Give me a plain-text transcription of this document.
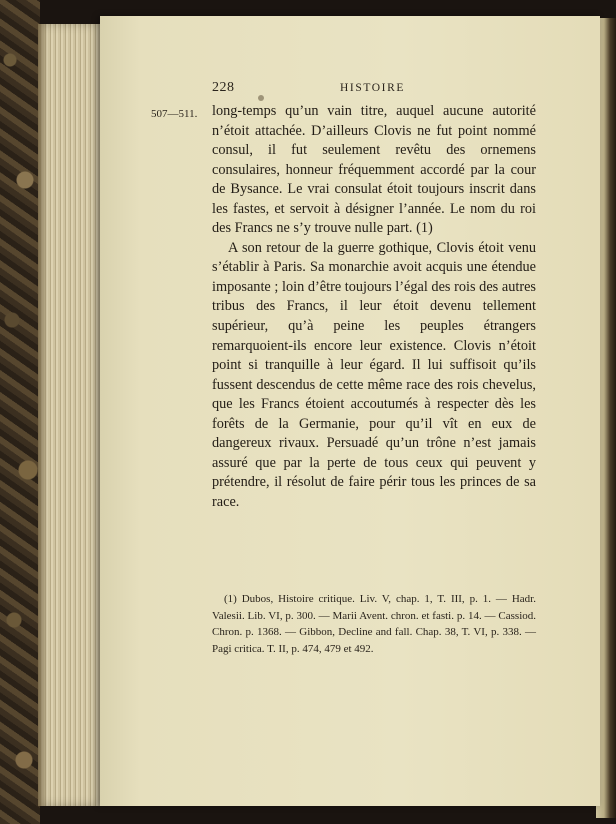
228	HISTOIRE
507—511. long-temps qu’un vain titre, auquel aucune autorité n’étoit attachée. D’ailleurs Clovis ne fut point nommé consul, il fut seulement revêtu des ornemens consulaires, honneur fréquemment accordé par la cour de Bysance. Le vrai consulat étoit toujours inscrit dans les fastes, et servoit à désigner l’année. Le nom du roi des Francs ne s’y trouve nulle part. (1)

A son retour de la guerre gothique, Clovis étoit venu s’établir à Paris. Sa monarchie avoit acquis une étendue imposante ; loin d’être toujours l’égal des rois des autres tribus des Francs, il leur étoit devenu tellement supérieur, qu’à peine les peuples étrangers remarquoient-ils encore leur existence. Clovis n’étoit point si tranquille à leur égard. Il lui suffisoit qu’ils fussent descendus de cette même race des rois chevelus, que les Francs étoient accoutumés à respecter dès les forêts de la Germanie, pour qu’il vît en eux de dangereux rivaux. Persuadé qu’un trône n’est jamais assuré que par la perte de tous ceux qui peuvent y prétendre, il résolut de faire périr tous les princes de sa race.

(1) Dubos, Histoire critique. Liv. V, chap. 1, T. III, p. 1. — Hadr. Valesii. Lib. VI, p. 300. — Marii Avent. chron. et fasti. p. 14. — Cassiod. Chron. p. 1368. — Gibbon, Decline and fall. Chap. 38, T. VI, p. 338. — Pagi critica. T. II, p. 474, 479 et 492.
